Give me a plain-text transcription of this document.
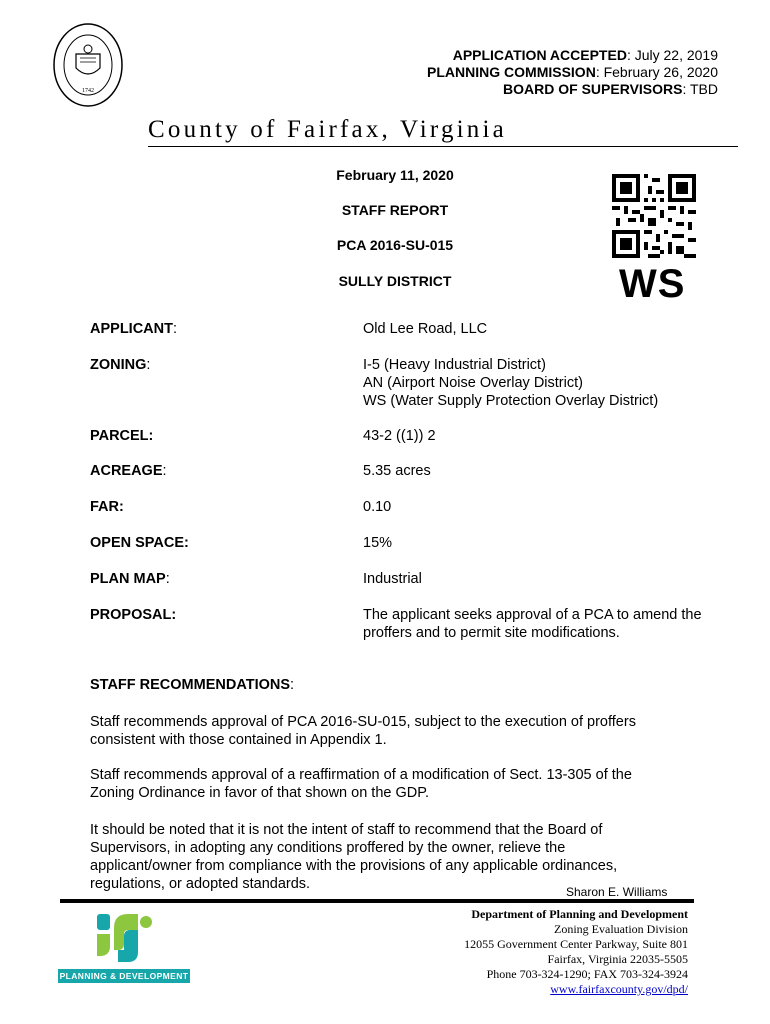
1742
APPLICATION ACCEPTED: July 22, 2019
PLANNING COMMISSION: February 26, 2020
BOARD OF SUPERVISORS: TBD
County of Fairfax, Virginia
February 11, 2020
STAFF REPORT
PCA 2016-SU-015
SULLY DISTRICT	WS
APPLICANT:	Old Lee Road, LLC
ZONING:	I-5 (Heavy Industrial District)
AN (Airport Noise Overlay District)
WS (Water Supply Protection Overlay District)
PARCEL:	43-2 ((1)) 2
ACREAGE:	5.35 acres
FAR:	0.10
OPEN SPACE:	15%
PLAN MAP:	Industrial
PROPOSAL:	The applicant seeks approval of a PCA to amend the
proffers and to permit site modifications.
STAFF RECOMMENDATIONS:
Staff recommends approval of PCA 2016-SU-015, subject to the execution of proffers
consistent with those contained in Appendix 1.
Staff recommends approval of a reaffirmation of a modification of Sect. 13-305 of the
Zoning Ordinance in favor of that shown on the GDP.
It should be noted that it is not the intent of staff to recommend that the Board of
Supervisors, in adopting any conditions proffered by the owner, relieve the
applicant/owner from compliance with the provisions of any applicable ordinances,
regulations, or adopted standards.	Sharon E. Williams
PLANNING & DEVELOPMENT
Department of Planning and Development
Zoning Evaluation Division
12055 Government Center Parkway, Suite 801
Fairfax, Virginia 22035-5505
Phone 703-324-1290; FAX 703-324-3924
www.fairfaxcounty.gov/dpd/
